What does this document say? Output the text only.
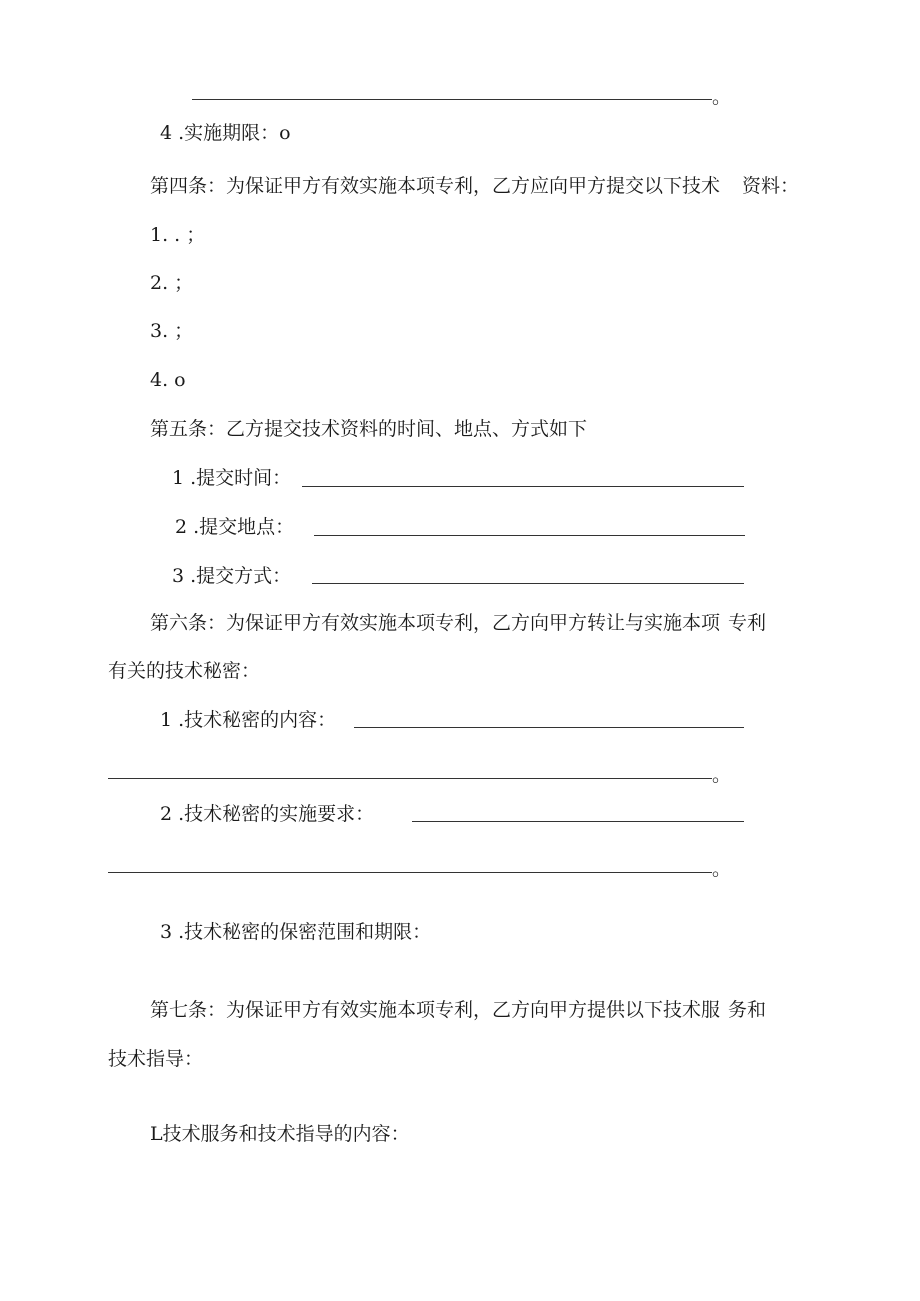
。
4 .实施期限：o
第四条：为保证甲方有效实施本项专利，乙方应向甲方提交以下技术 资料：
1. . ；
2. ；
3. ；
4. o
第五条：乙方提交技术资料的时间、地点、方式如下
1 .提交时间：
2 .提交地点：
3 .提交方式：
第六条：为保证甲方有效实施本项专利，乙方向甲方转让与实施本项 专利
有关的技术秘密：
1 .技术秘密的内容：
。
2 .技术秘密的实施要求：
。
3 .技术秘密的保密范围和期限：
第七条：为保证甲方有效实施本项专利，乙方向甲方提供以下技术服 务和
技术指导：
L技术服务和技术指导的内容：
